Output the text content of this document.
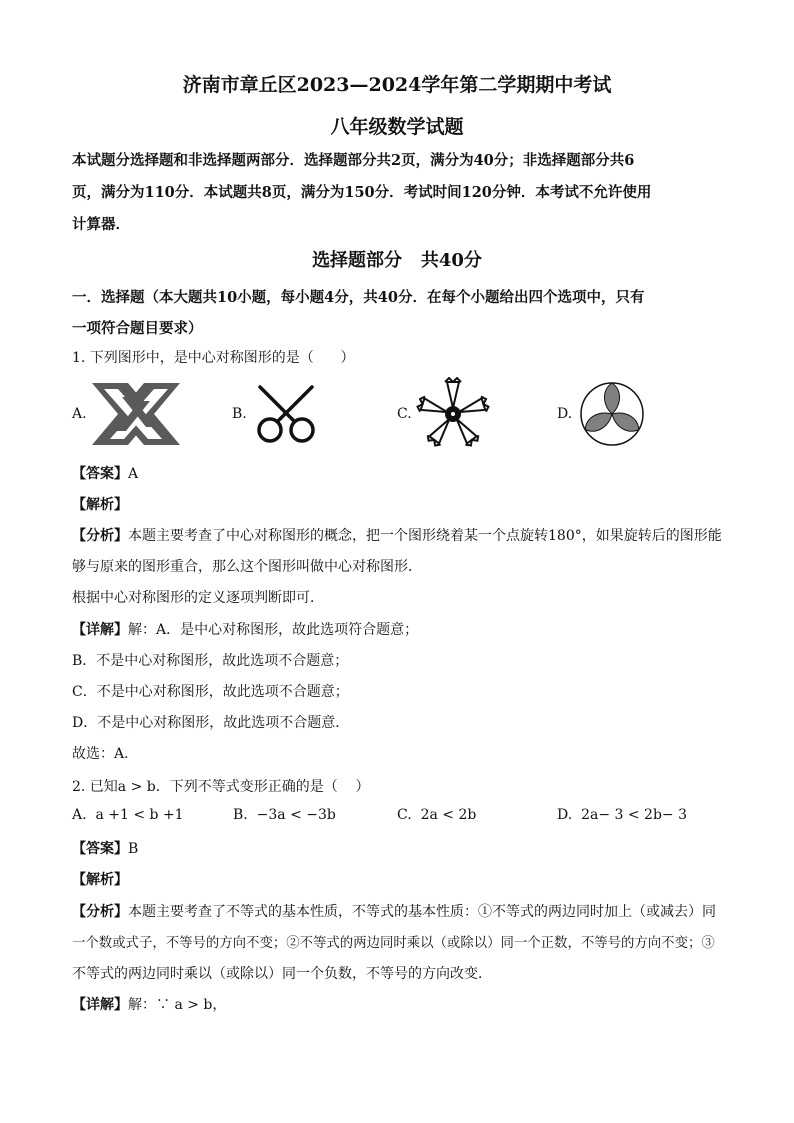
济南市章丘区2023—2024学年第二学期期中考试
八年级数学试题
本试题分选择题和非选择题两部分．选择题部分共2页，满分为40分；非选择题部分共6
页，满分为110分．本试题共8页，满分为150分．考试时间120分钟．本考试不允许使用
计算器．
选择题部分   共40分
一．选择题（本大题共10小题，每小题4分，共40分．在每个小题给出四个选项中，只有
一项符合题目要求）
1. 下列图形中，是中心对称图形的是（      ）
A.	B.	C.	D.
【答案】A
【解析】
【分析】本题主要考查了中心对称图形的概念，把一个图形绕着某一个点旋转180°，如果旋转后的图形能
够与原来的图形重合，那么这个图形叫做中心对称图形．
根据中心对称图形的定义逐项判断即可．
【详解】解：A．是中心对称图形，故此选项符合题意；
B．不是中心对称图形，故此选项不合题意；
C．不是中心对称图形，故此选项不合题意；
D．不是中心对称图形，故此选项不合题意．
故选：A．
2. 已知a > b．下列不等式变形正确的是（    ）
A.  a +1 < b +1	B.  −3a < −3b	C.  2a < 2b	D.  2a− 3 < 2b− 3
【答案】B
【解析】
【分析】本题主要考查了不等式的基本性质，不等式的基本性质：①不等式的两边同时加上（或减去）同
一个数或式子，不等号的方向不变；②不等式的两边同时乘以（或除以）同一个正数，不等号的方向不变；③
不等式的两边同时乘以（或除以）同一个负数，不等号的方向改变．
【详解】解：∵ a > b，
